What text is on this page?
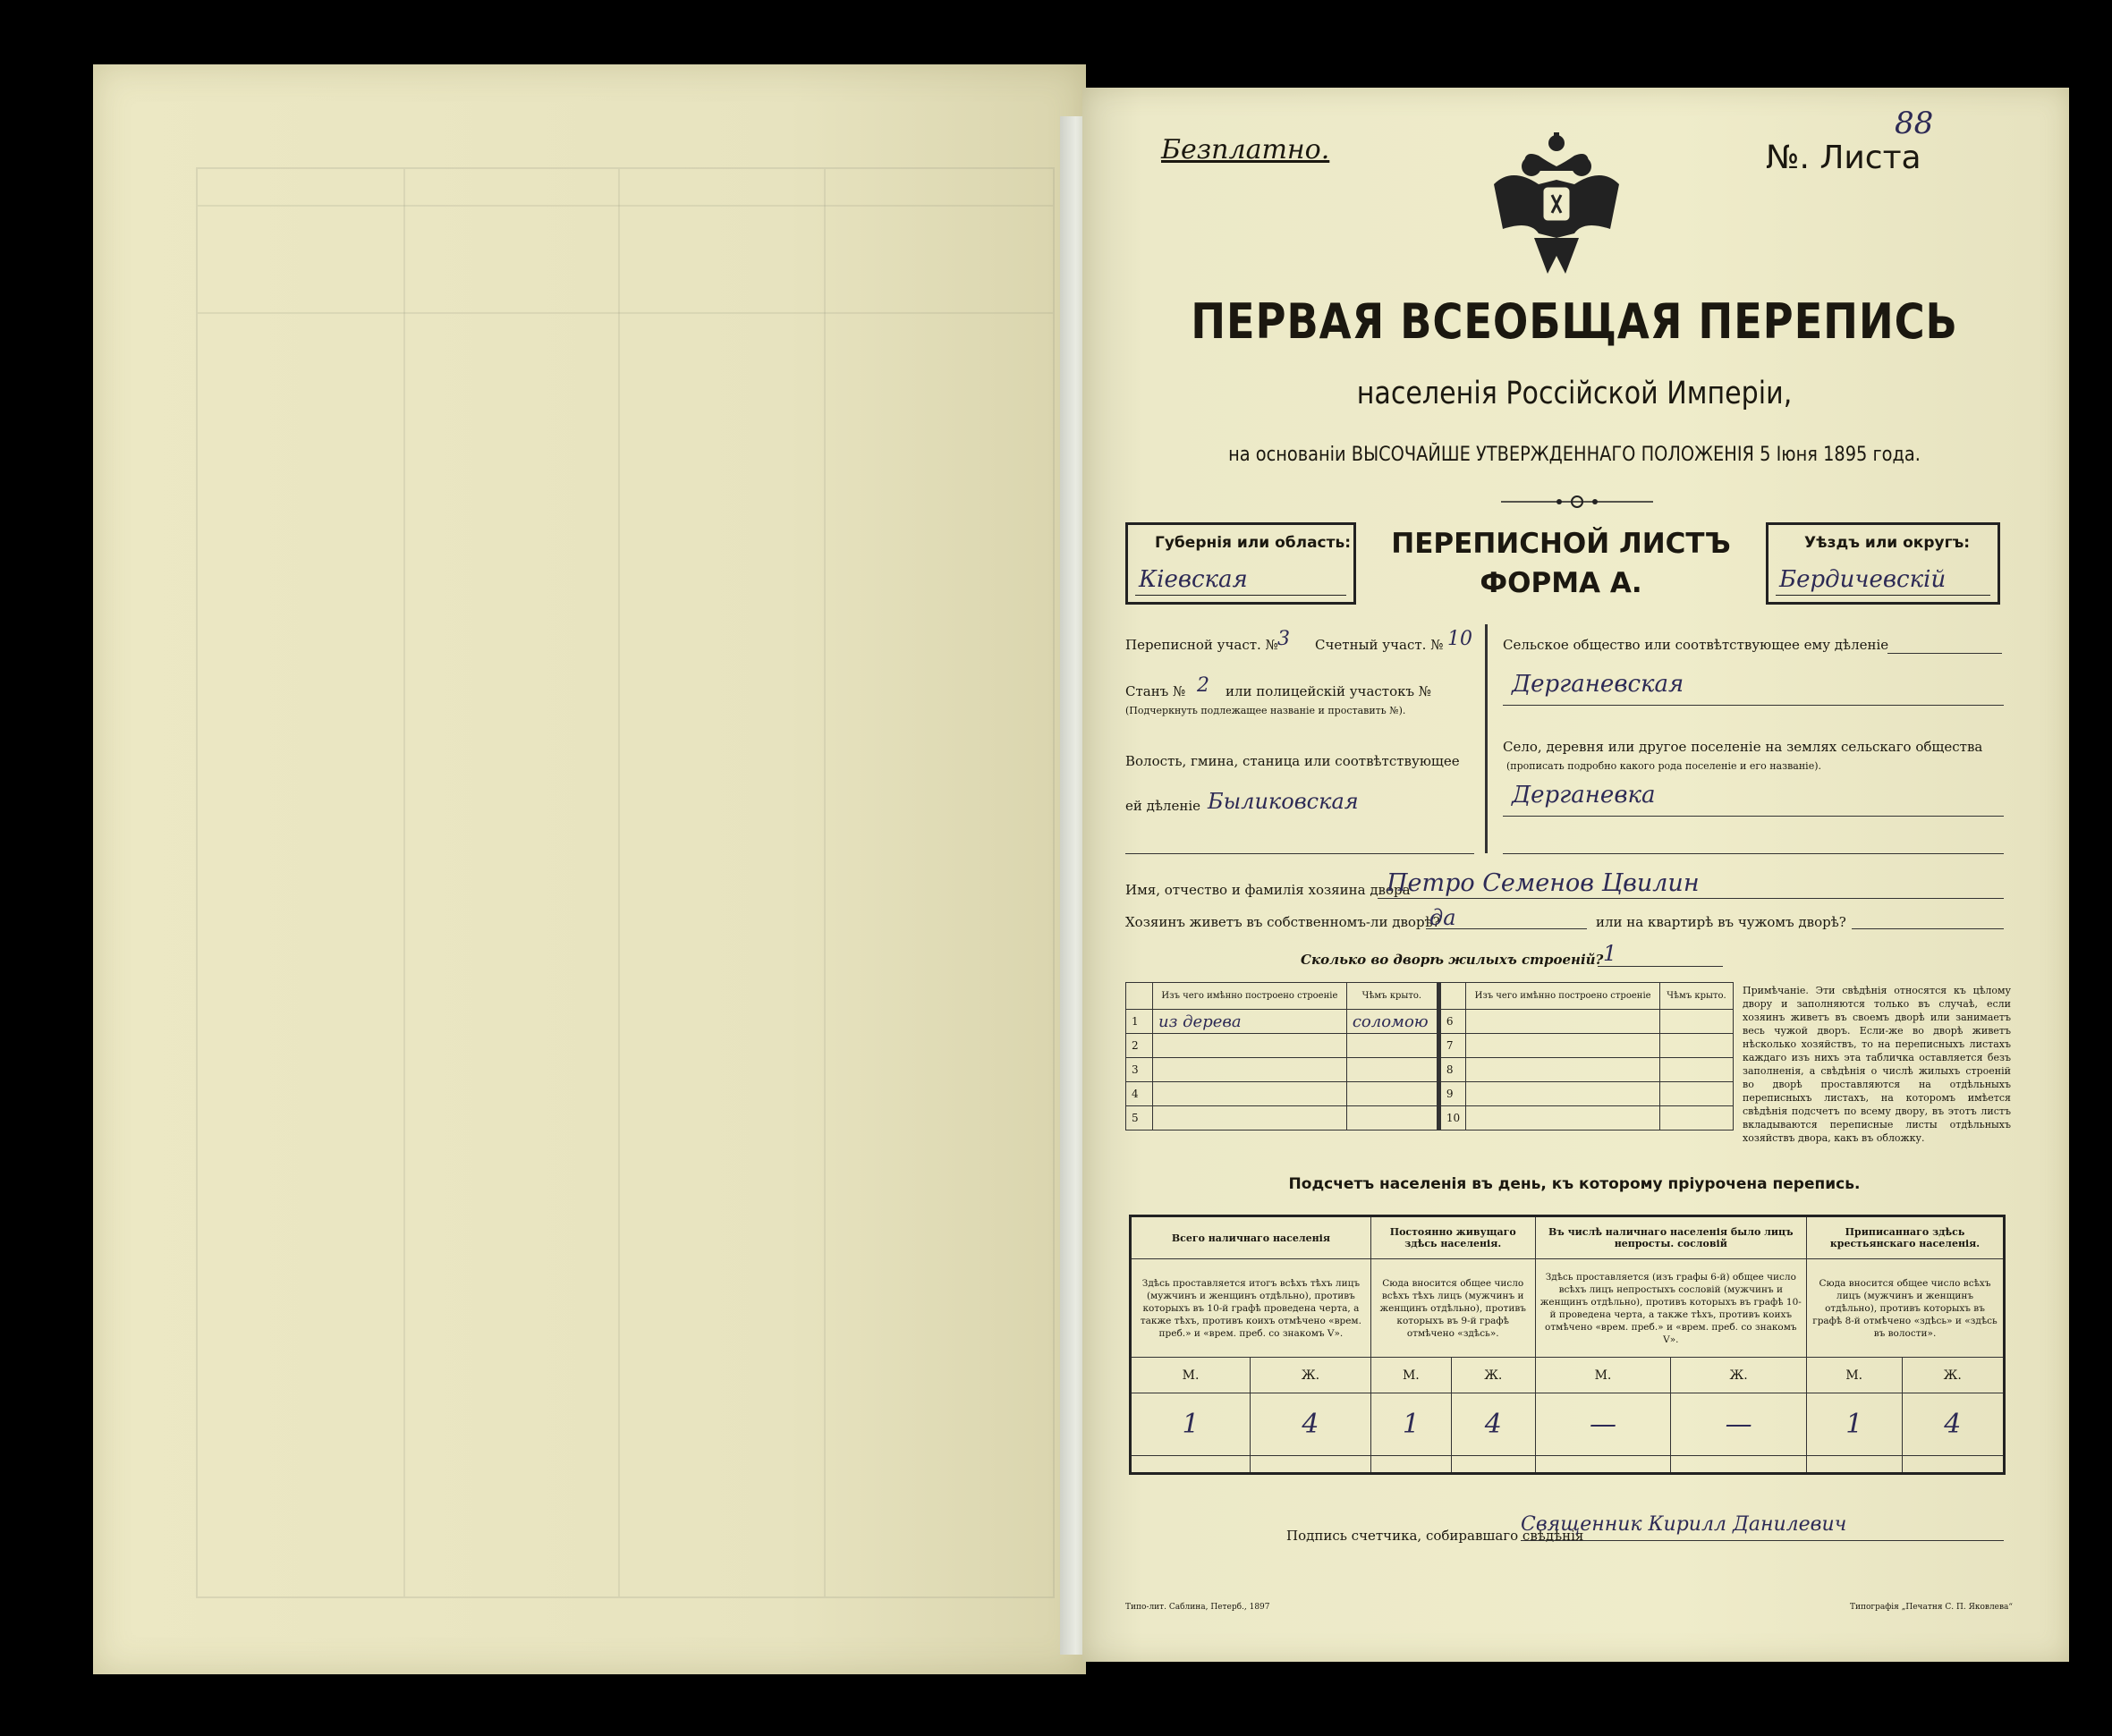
Безплатно.	№. Листа
88
ПЕРВАЯ ВСЕОБЩАЯ ПЕРЕПИСЬ
населенія Россійской Имперіи,
на основаніи ВЫСОЧАЙШЕ УТВЕРЖДЕННАГО ПОЛОЖЕНІЯ 5 Іюня 1895 года.
Губернія или область:
Кіевская
ПЕРЕПИСНОЙ ЛИСТЪ
ФОРМА А.
Уѣздъ или округъ:
Бердичевскій
Переписной участ. № 3 Счетный участ. № 10
Станъ № 2 или полицейскій участокъ №
(Подчеркнуть подлежащее названіе и проставить №).
Волость, гмина, станица или соотвѣтствующее
ей дѣленіе Быликовская
Сельское общество или соотвѣтствующее ему дѣленіе
Дерганевская
Село, деревня или другое поселеніе на землях сельскаго общества
(прописать подробно какого рода поселеніе и его названіе).
Дерганевка
Имя, отчество и фамилія хозяина двора
Петро Семенов Цвилин
Хозяинъ живетъ въ собственномъ-ли дворѣ?
да	или на квартирѣ въ чужомъ дворѣ?
Сколько во дворѣ жилыхъ строеній? 1
	Изъ чего имѣнно построено строеніе	Чѣмъ крыто.		Изъ чего имѣнно построено строеніе	Чѣмъ крыто.
1	из дерева	соломою	6		
2			7		
3			8		
4			9		
5			10		
Примѣчаніе. Эти свѣдѣнія относятся къ цѣлому двору и заполняются только въ случаѣ, если хозяинъ живетъ въ своемъ дворѣ или занимаетъ весь чужой дворъ. Если-же во дворѣ живетъ нѣсколько хозяйствъ, то на переписныхъ листахъ каждаго изъ нихъ эта табличка оставляется безъ заполненія, а свѣдѣнія о числѣ жилыхъ строеній во дворѣ проставляются на отдѣльныхъ переписныхъ листахъ, на которомъ имѣется свѣдѣнія подсчетъ по всему двору, въ этотъ листъ вкладываются переписные листы отдѣльныхъ хозяйствъ двора, какъ въ обложку.
Подсчетъ населенія въ день, къ которому пріурочена перепись.
Всего наличнаго населенія		Постоянно живущаго здѣсь населенія.		Въ числѣ наличнаго населенія было лицъ непросты. сословій		Приписаннаго здѣсь крестьянскаго населенія.	
Здѣсь проставляется итогъ всѣхъ тѣхъ лицъ (мужчинъ и женщинъ отдѣльно), противъ которыхъ въ 10-й графѣ проведена черта, а также тѣхъ, противъ коихъ отмѣчено «врем. преб.» и «врем. преб. со знакомъ V».		Сюда вносится общее число всѣхъ тѣхъ лицъ (мужчинъ и женщинъ отдѣльно), противъ которыхъ въ 9-й графѣ отмѣчено «здѣсь».		Здѣсь проставляется (изъ графы 6-й) общее число всѣхъ лицъ непростыхъ сословій (мужчинъ и женщинъ отдѣльно), противъ которыхъ въ графѣ 10-й проведена черта, а также тѣхъ, противъ коихъ отмѣчено «врем. преб.» и «врем. преб. со знакомъ V».		Сюда вносится общее число всѣхъ лицъ (мужчинъ и женщинъ отдѣльно), противъ которыхъ въ графѣ 8-й отмѣчено «здѣсь» и «здѣсь въ волости».	
М.	Ж.	М.	Ж.	М.	Ж.	М.	Ж.
1	4	1	4	—	—	1	4

Подпись счетчика, собиравшаго свѣдѣнія
Священник Кирилл Данилевич
Типо-лит. Саблина, Петерб., 1897	Типографія „Печатня С. П. Яковлева“
